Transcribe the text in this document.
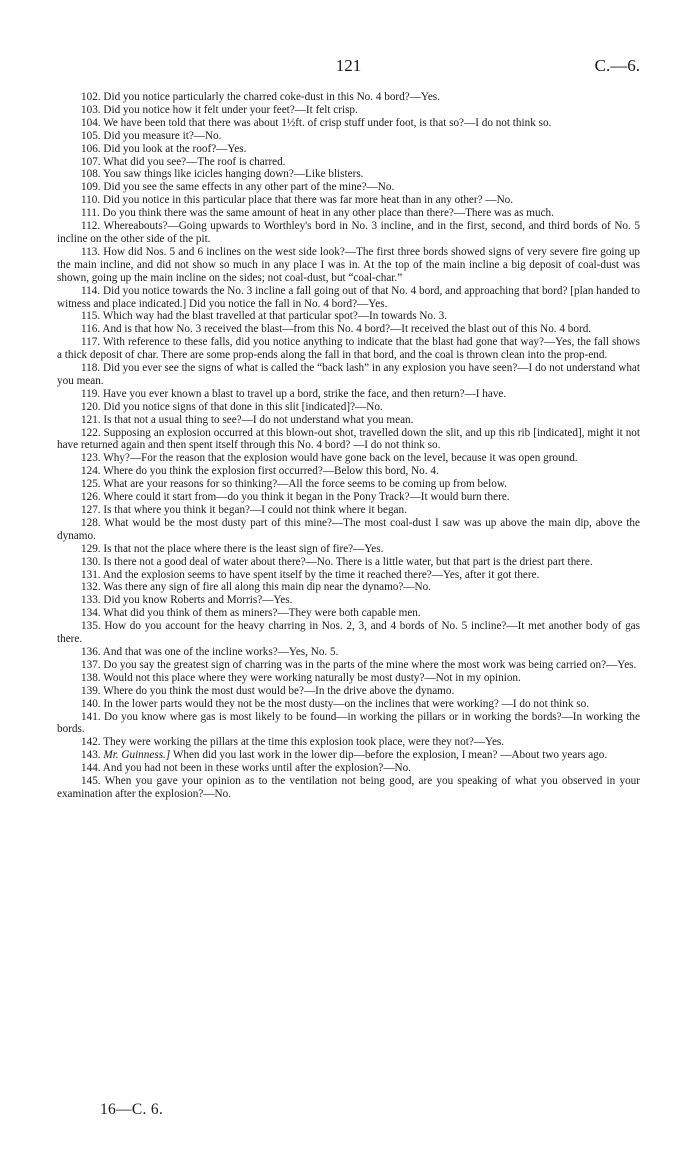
121	C.—6.

102. Did you notice particularly the charred coke-dust in this No. 4 bord?—Yes.

103. Did you notice how it felt under your feet?—It felt crisp.

104. We have been told that there was about 1½ft. of crisp stuff under foot, is that so?—I do not think so.

105. Did you measure it?—No.

106. Did you look at the roof?—Yes.

107. What did you see?—The roof is charred.

108. You saw things like icicles hanging down?—Like blisters.

109. Did you see the same effects in any other part of the mine?—No.

110. Did you notice in this particular place that there was far more heat than in any other? —No.

111. Do you think there was the same amount of heat in any other place than there?—There was as much.

112. Whereabouts?—Going upwards to Worthley's bord in No. 3 incline, and in the first, second, and third bords of No. 5 incline on the other side of the pit.

113. How did Nos. 5 and 6 inclines on the west side look?—The first three bords showed signs of very severe fire going up the main incline, and did not show so much in any place I was in. At the top of the main incline a big deposit of coal-dust was shown, going up the main incline on the sides; not coal-dust, but “coal-char.”

114. Did you notice towards the No. 3 incline a fall going out of that No. 4 bord, and approaching that bord? [plan handed to witness and place indicated.] Did you notice the fall in No. 4 bord?—Yes.

115. Which way had the blast travelled at that particular spot?—In towards No. 3.

116. And is that how No. 3 received the blast—from this No. 4 bord?—It received the blast out of this No. 4 bord.

117. With reference to these falls, did you notice anything to indicate that the blast had gone that way?—Yes, the fall shows a thick deposit of char. There are some prop-ends along the fall in that bord, and the coal is thrown clean into the prop-end.

118. Did you ever see the signs of what is called the “back lash” in any explosion you have seen?—I do not understand what you mean.

119. Have you ever known a blast to travel up a bord, strike the face, and then return?—I have.

120. Did you notice signs of that done in this slit [indicated]?—No.

121. Is that not a usual thing to see?—I do not understand what you mean.

122. Supposing an explosion occurred at this blown-out shot, travelled down the slit, and up this rib [indicated], might it not have returned again and then spent itself through this No. 4 bord? —I do not think so.

123. Why?—For the reason that the explosion would have gone back on the level, because it was open ground.

124. Where do you think the explosion first occurred?—Below this bord, No. 4.

125. What are your reasons for so thinking?—All the force seems to be coming up from below.

126. Where could it start from—do you think it began in the Pony Track?—It would burn there.

127. Is that where you think it began?—I could not think where it began.

128. What would be the most dusty part of this mine?—The most coal-dust I saw was up above the main dip, above the dynamo.

129. Is that not the place where there is the least sign of fire?—Yes.

130. Is there not a good deal of water about there?—No. There is a little water, but that part is the driest part there.

131. And the explosion seems to have spent itself by the time it reached there?—Yes, after it got there.

132. Was there any sign of fire all along this main dip near the dynamo?—No.

133. Did you know Roberts and Morris?—Yes.

134. What did you think of them as miners?—They were both capable men.

135. How do you account for the heavy charring in Nos. 2, 3, and 4 bords of No. 5 incline?—It met another body of gas there.

136. And that was one of the incline works?—Yes, No. 5.

137. Do you say the greatest sign of charring was in the parts of the mine where the most work was being carried on?—Yes.

138. Would not this place where they were working naturally be most dusty?—Not in my opinion.

139. Where do you think the most dust would be?—In the drive above the dynamo.

140. In the lower parts would they not be the most dusty—on the inclines that were working? —I do not think so.

141. Do you know where gas is most likely to be found—in working the pillars or in working the bords?—In working the bords.

142. They were working the pillars at the time this explosion took place, were they not?—Yes.

143. Mr. Guinness.] When did you last work in the lower dip—before the explosion, I mean? —About two years ago.

144. And you had not been in these works until after the explosion?—No.

145. When you gave your opinion as to the ventilation not being good, are you speaking of what you observed in your examination after the explosion?—No.

16—C. 6.
